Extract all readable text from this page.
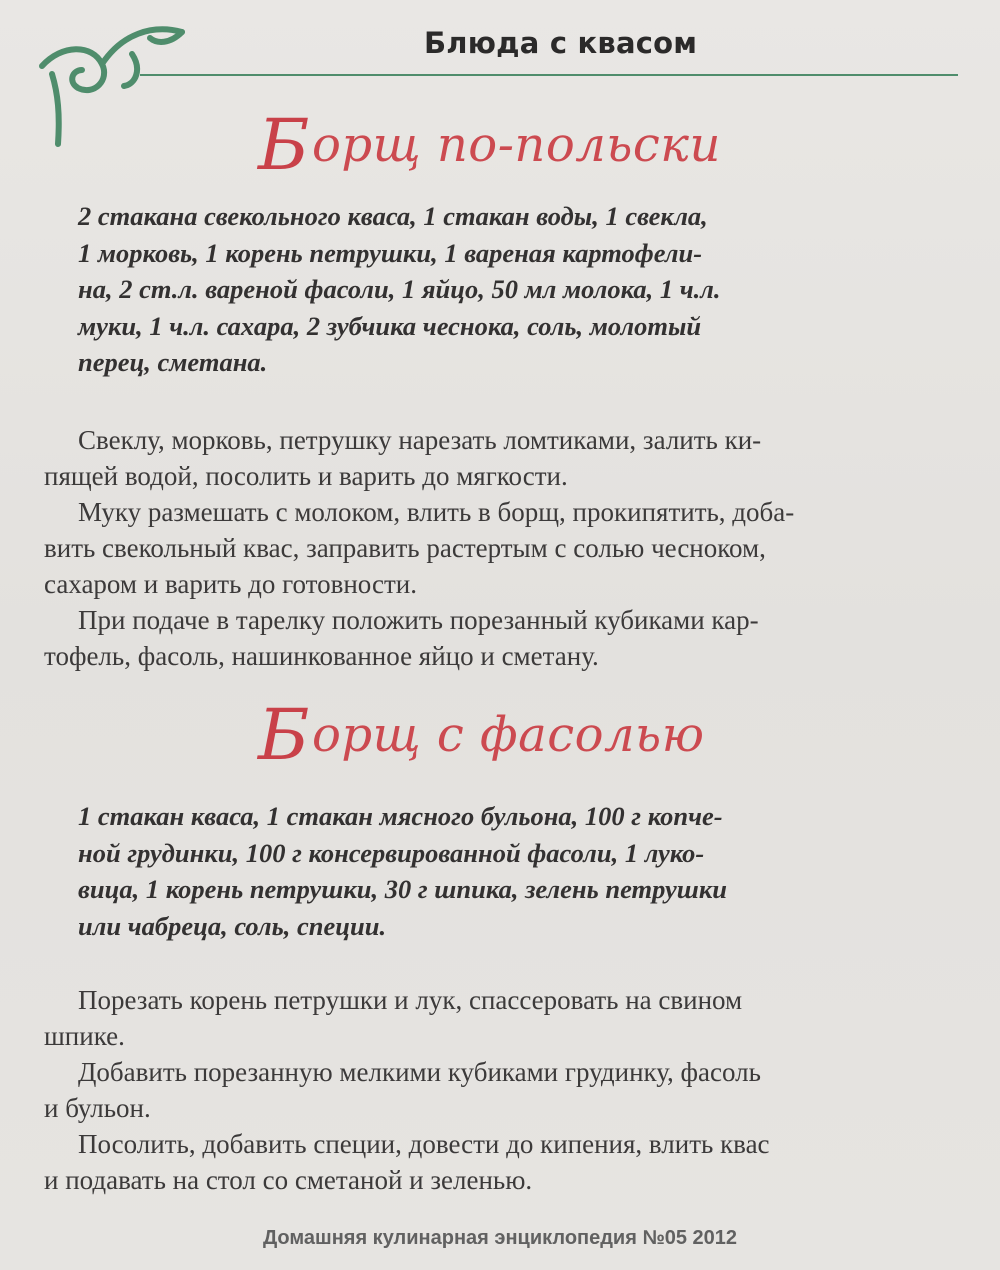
Блюда с квасом
Борщ по-польски

2 стакана свекольного кваса, 1 стакан воды, 1 свекла,
1 морковь, 1 корень петрушки, 1 вареная картофели-
на, 2 ст.л. вареной фасоли, 1 яйцо, 50 мл молока, 1 ч.л.
муки, 1 ч.л. сахара, 2 зубчика чеснока, соль, молотый
перец, сметана.

Свеклу, морковь, петрушку нарезать ломтиками, залить ки-
пящей водой, посолить и варить до мягкости.
Муку размешать с молоком, влить в борщ, прокипятить, доба-
вить свекольный квас, заправить растертым с солью чесноком,
сахаром и варить до готовности.
При подаче в тарелку положить порезанный кубиками кар-
тофель, фасоль, нашинкованное яйцо и сметану.

Борщ с фасолью

1 стакан кваса, 1 стакан мясного бульона, 100 г копче-
ной грудинки, 100 г консервированной фасоли, 1 луко-
вица, 1 корень петрушки, 30 г шпика, зелень петрушки
или чабреца, соль, специи.

Порезать корень петрушки и лук, спассеровать на свином
шпике.
Добавить порезанную мелкими кубиками грудинку, фасоль
и бульон.
Посолить, добавить специи, довести до кипения, влить квас
и подавать на стол со сметаной и зеленью.

Домашняя кулинарная энциклопедия №05 2012
